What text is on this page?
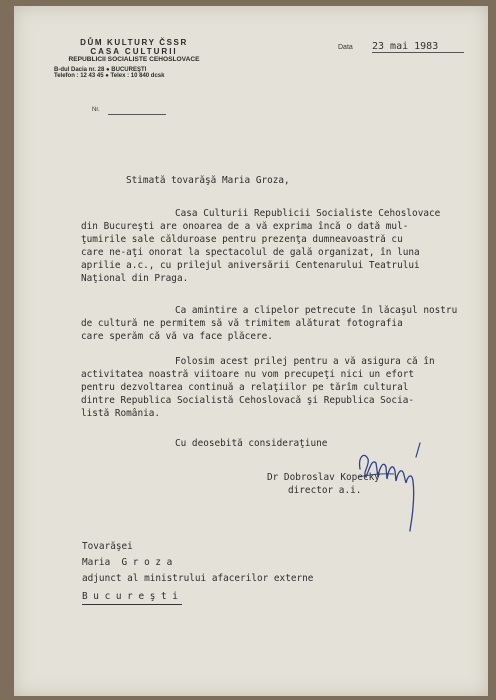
DŮM KULTURY ČSSR
CASA CULTURII
REPUBLICII SOCIALISTE CEHOSLOVACE
B-dul Dacia nr. 28 ● BUCUREŞTI
Telefon : 12 43 45 ● Telex : 10 840 dcsk
Nr.
Data 23 mai 1983
Stimată tovarăşă Maria Groza,
Casa Culturii Republicii Socialiste Cehoslovace
din Bucureşti are onoarea de a vă exprima încă o dată mul-
ţumirile sale călduroase pentru prezenţa dumneavoastră cu
care ne-aţi onorat la spectacolul de gală organizat, în luna
aprilie a.c., cu prilejul aniversării Centenarului Teatrului
Naţional din Praga.
Ca amintire a clipelor petrecute în lăcaşul nostru
de cultură ne permitem să vă trimitem alăturat fotografia
care sperăm că vă va face plăcere.
Folosim acest prilej pentru a vă asigura că în
activitatea noastră viitoare nu vom precupeţi nici un efort
pentru dezvoltarea continuă a relaţiilor pe tărîm cultural
dintre Republica Socialistă Cehoslovacă şi Republica Socia-
listă România.
Cu deosebită consideraţiune
Dr Dobroslav Kopecký
director a.i.
Tovarăşei
Maria  G r o z a
adjunct al ministrului afacerilor externe
B u c u r e ş t i
